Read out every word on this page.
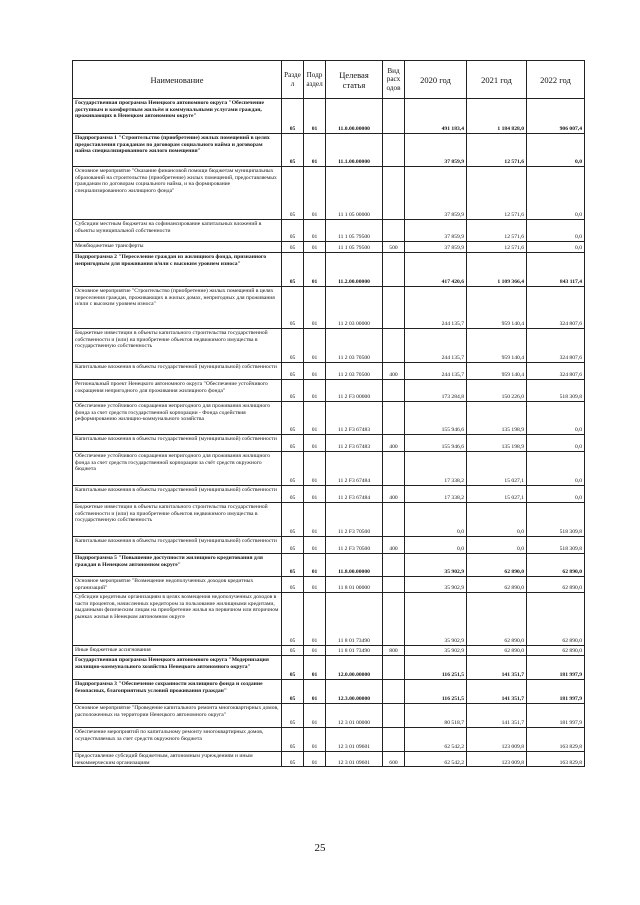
Наименование	Разде л	Подр аздел	Целевая статья	Вид расх одов	2020 год	2021 год	2022 год
Государственная программа Ненецкого автономного округа "Обеспечение доступным и комфортным жильём и коммунальными услугами граждан, проживающих в Ненецком автономном округе"	05	01	11.0.00.00000		491 183,4	1 184 828,0	906 007,4
Подпрограмма 1 "Строительство (приобретение) жилых помещений в целях предоставления гражданам по договорам социального найма и договорам найма специализированного жилого помещения"	05	01	11.1.00.00000		37 859,9	12 571,6	0,0
Основное мероприятие "Оказание финансовой помощи бюджетам муниципальных образований на строительство (приобретение) жилых помещений, предоставляемых гражданам по договорам социального найма, и на формирование специализированного жилищного фонда"	05	01	11 1 05 00000		37 859,9	12 571,6	0,0
Субсидии местным бюджетам на софинансирование капитальных вложений в объекты муниципальной собственности	05	01	11 1 05 79500		37 859,9	12 571,6	0,0
Межбюджетные трансферты	05	01	11 1 05 79500	500	37 859,9	12 571,6	0,0
Подпрограмма 2 "Переселение граждан из жилищного фонда, признанного непригодным для проживания и/или с высоким уровнем износа"	05	01	11.2.00.00000		417 420,6	1 109 366,4	843 117,4
Основное мероприятие "Строительство (приобретение) жилых помещений в целях переселения граждан, проживающих в жилых домах, непригодных для проживания и/или с высоким уровнем износа"	05	01	11 2 03 00000		244 135,7	959 140,4	324 807,6
Бюджетные инвестиции в объекты капитального строительства государственной собственности и (или) на приобретение объектов недвижимого имущества в государственную собственность	05	01	11 2 03 70500		244 135,7	959 140,4	324 807,6
Капитальные вложения в объекты государственной (муниципальной) собственности	05	01	11 2 03 70500	400	244 135,7	959 140,4	324 807,6
Региональный проект Ненецкого автономного округа "Обеспечение устойчивого сокращения непригодного для проживания жилищного фонда"	05	01	11 2 F3 00000		173 284,8	150 226,0	518 309,8
Обеспечение устойчивого сокращения непригодного для проживания жилищного фонда за счет средств государственной корпорации - Фонда содействия реформированию жилищно-коммунального хозяйства	05	01	11 2 F3 67483		155 946,6	135 198,9	0,0
Капитальные вложения в объекты государственной (муниципальной) собственности	05	01	11 2 F3 67483	400	155 946,6	135 198,9	0,0
Обеспечение устойчивого сокращения непригодного для проживания жилищного фонда за счет средств государственной корпорации за счёт средств окружного бюджета	05	01	11 2 F3 67484		17 338,2	15 027,1	0,0
Капитальные вложения в объекты государственной (муниципальной) собственности	05	01	11 2 F3 67484	400	17 338,2	15 027,1	0,0
Бюджетные инвестиции в объекты капитального строительства государственной собственности и (или) на приобретение объектов недвижимого имущества в государственную собственность	05	01	11 2 F3 70500		0,0	0,0	518 309,8
Капитальные вложения в объекты государственной (муниципальной) собственности	05	01	11 2 F3 70500	400	0,0	0,0	518 309,8
Подпрограмма 5 "Повышение доступности жилищного кредитования для граждан в Ненецком автономном округе"	05	01	11.8.00.00000		35 902,9	62 890,0	62 890,0
Основное мероприятие "Возмещение недополученных доходов кредитных организаций"	05	01	11 8 01 00000		35 902,9	62 890,0	62 890,0
Субсидии кредитным организациям в целях возмещения недополученных доходов в части процентов, начисленных кредитором за пользование жилищными кредитами, выданными физическим лицам на приобретение жилья на первичном или вторичном рынках жилья в Ненецком автономном округе	05	01	11 8 01 73490		35 902,9	62 890,0	62 890,0
Иные бюджетные ассигнования	05	01	11 8 01 73490	800	35 902,9	62 890,0	62 890,0
Государственная программа Ненецкого автономного округа "Модернизация жилищно-коммунального хозяйства Ненецкого автономного округа"	05	01	12.0.00.00000		116 251,5	141 351,7	181 997,9
Подпрограмма 3 "Обеспечение сохранности жилищного фонда и создание безопасных, благоприятных условий проживания граждан"	05	01	12.3.00.00000		116 251,5	141 351,7	181 997,9
Основное мероприятие "Проведение капитального ремонта многоквартирных домов, расположенных на территории Ненецкого автономного округа"	05	01	12 3 01 00000		80 518,7	141 351,7	181 997,9
Обеспечение мероприятий по капитальному ремонту многоквартирных домов, осуществляемых за счет средств окружного бюджета	05	01	12 3 01 09601		62 542,2	123 009,8	163 829,8
Предоставление субсидий бюджетным, автономным учреждениям и иным некоммерческим организациям	05	01	12 3 01 09601	600	62 542,2	123 009,8	163 829,8
25
